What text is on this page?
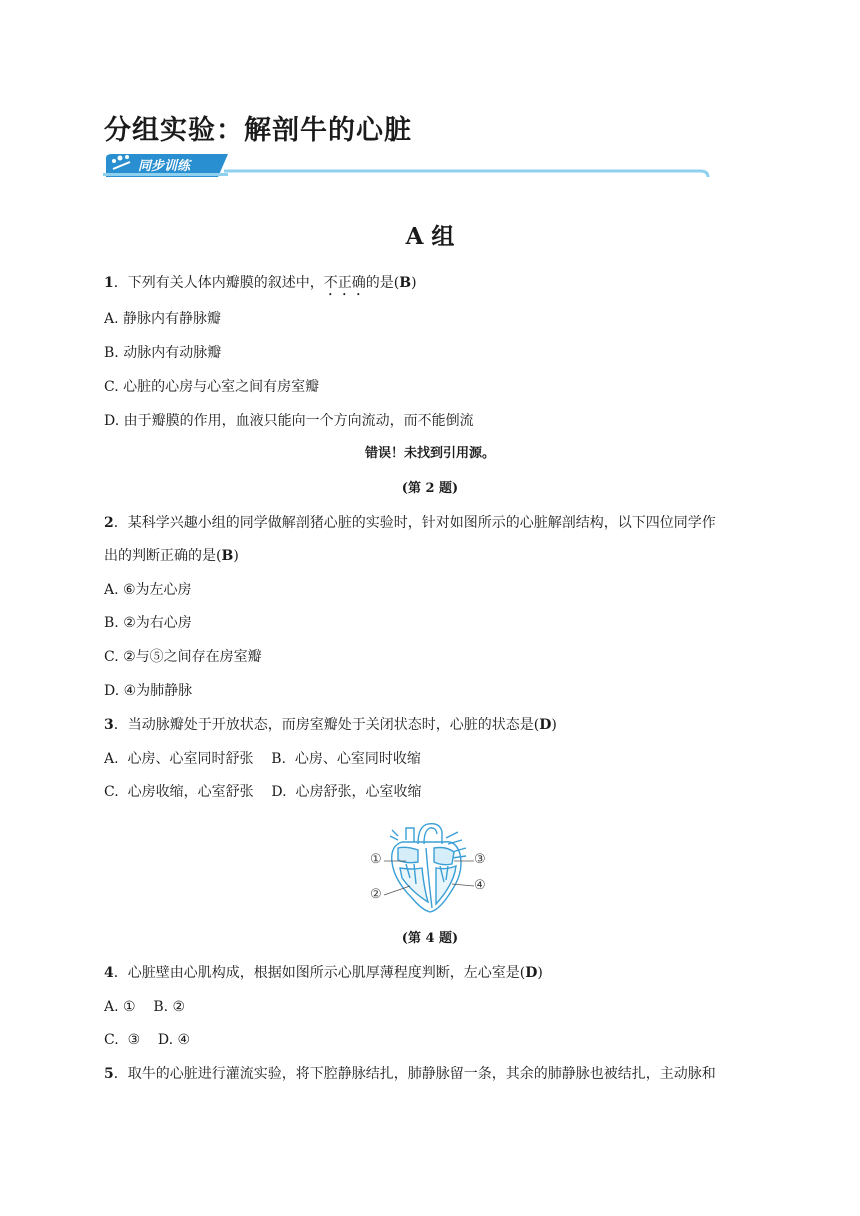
分组实验：解剖牛的心脏
同步训练
A 组
1．下列有关人体内瓣膜的叙述中，不正确的是(B)
A. 静脉内有静脉瓣
B. 动脉内有动脉瓣
C. 心脏的心房与心室之间有房室瓣
D. 由于瓣膜的作用，血液只能向一个方向流动，而不能倒流
错误！未找到引用源。
(第 2 题)
2．某科学兴趣小组的同学做解剖猪心脏的实验时，针对如图所示的心脏解剖结构，以下四位同学作
出的判断正确的是(B)
A. ⑥为左心房
B. ②为右心房
C. ②与⑤之间存在房室瓣
D. ④为肺静脉
3．当动脉瓣处于开放状态，而房室瓣处于关闭状态时，心脏的状态是(D)
A.  心房、心室同时舒张    B.  心房、心室同时收缩
C.  心房收缩，心室舒张    D.  心房舒张，心室收缩
①
②
③
④
(第 4 题)
4．心脏壁由心肌构成，根据如图所示心肌厚薄程度判断，左心室是(D)
A. ①    B. ②
C.  ③    D. ④
5．取牛的心脏进行灌流实验，将下腔静脉结扎，肺静脉留一条，其余的肺静脉也被结扎，主动脉和
